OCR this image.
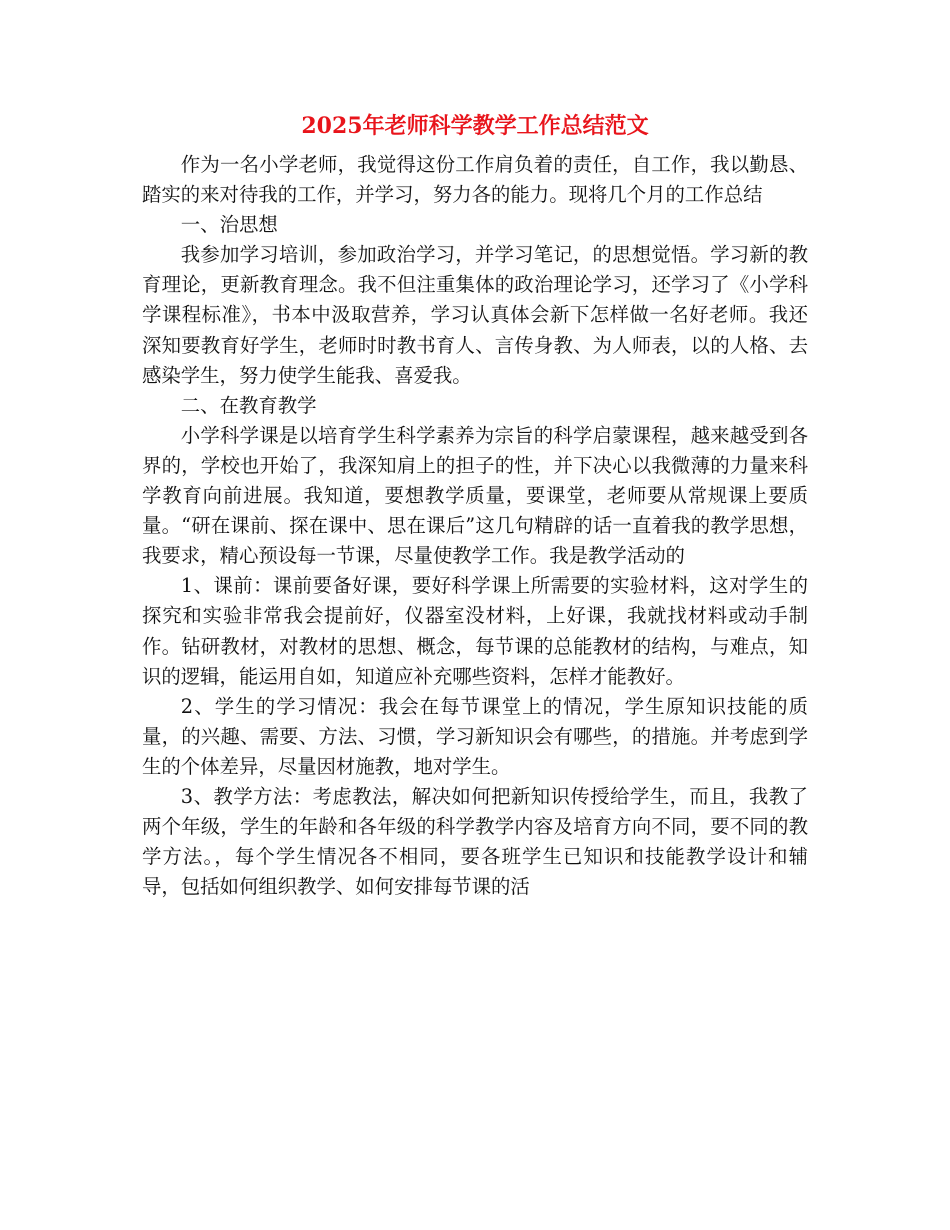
2025年老师科学教学工作总结范文

作为一名小学老师，我觉得这份工作肩负着的责任，自工作，我以勤恳、踏实的来对待我的工作，并学习，努力各的能力。现将几个月的工作总结

一、治思想

我参加学习培训，参加政治学习，并学习笔记，的思想觉悟。学习新的教育理论，更新教育理念。我不但注重集体的政治理论学习，还学习了《小学科学课程标准》，书本中汲取营养，学习认真体会新下怎样做一名好老师。我还深知要教育好学生，老师时时教书育人、言传身教、为人师表，以的人格、去感染学生，努力使学生能我、喜爱我。

二、在教育教学

小学科学课是以培育学生科学素养为宗旨的科学启蒙课程，越来越受到各界的，学校也开始了，我深知肩上的担子的性，并下决心以我微薄的力量来科学教育向前进展。我知道，要想教学质量，要课堂，老师要从常规课上要质量。“研在课前、探在课中、思在课后”这几句精辟的话一直着我的教学思想，我要求，精心预设每一节课，尽量使教学工作。我是教学活动的

1、课前：课前要备好课，要好科学课上所需要的实验材料，这对学生的探究和实验非常我会提前好，仪器室没材料，上好课，我就找材料或动手制作。钻研教材，对教材的思想、概念，每节课的总能教材的结构，与难点，知识的逻辑，能运用自如，知道应补充哪些资料，怎样才能教好。

2、学生的学习情况：我会在每节课堂上的情况，学生原知识技能的质量，的兴趣、需要、方法、习惯，学习新知识会有哪些，的措施。并考虑到学生的个体差异，尽量因材施教，地对学生。

3、教学方法：考虑教法，解决如何把新知识传授给学生，而且，我教了两个年级，学生的年龄和各年级的科学教学内容及培育方向不同，要不同的教学方法。，每个学生情况各不相同，要各班学生已知识和技能教学设计和辅导，包括如何组织教学、如何安排每节课的活
